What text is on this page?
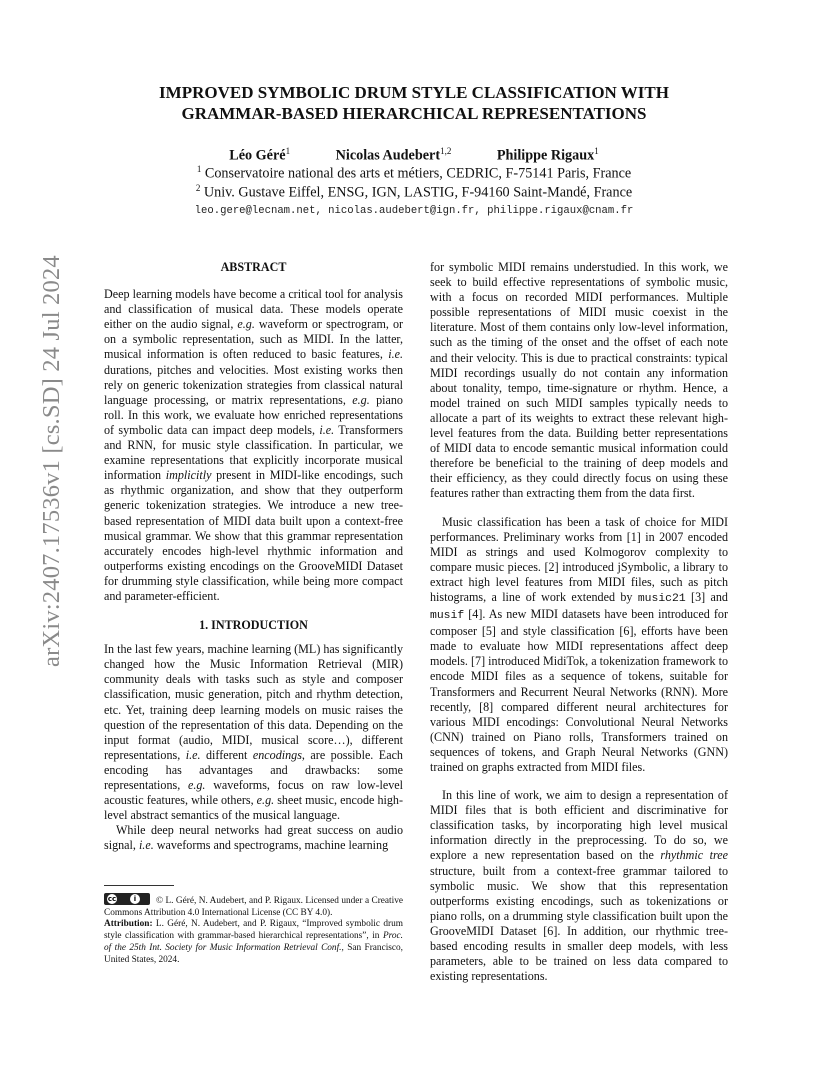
arXiv:2407.17536v1 [cs.SD] 24 Jul 2024
IMPROVED SYMBOLIC DRUM STYLE CLASSIFICATION WITH
GRAMMAR-BASED HIERARCHICAL REPRESENTATIONS
Léo Géré$^1$	Nicolas Audebert$^{1,2}$	Philippe Rigaux$^1$
$^1$ Conservatoire national des arts et métiers, CEDRIC, F-75141 Paris, France
$^2$ Univ. Gustave Eiffel, ENSG, IGN, LASTIG, F-94160 Saint-Mandé, France
leo.gere@lecnam.net, nicolas.audebert@ign.fr, philippe.rigaux@cnam.fr

ABSTRACT

Deep learning models have become a critical tool for analysis and classification of musical data. These models operate either on the audio signal, e.g. waveform or spectrogram, or on a symbolic representation, such as MIDI. In the latter, musical information is often reduced to basic features, i.e. durations, pitches and velocities. Most existing works then rely on generic tokenization strategies from classical natural language processing, or matrix representations, e.g. piano roll. In this work, we evaluate how enriched representations of symbolic data can impact deep models, i.e. Transformers and RNN, for music style classification. In particular, we examine representations that explicitly incorporate musical information implicitly present in MIDI-like encodings, such as rhythmic organization, and show that they outperform generic tokenization strategies. We introduce a new tree-based representation of MIDI data built upon a context-free musical grammar. We show that this grammar representation accurately encodes high-level rhythmic information and outperforms existing encodings on the GrooveMIDI Dataset for drumming style classification, while being more compact and parameter-efficient.

1. INTRODUCTION

In the last few years, machine learning (ML) has significantly changed how the Music Information Retrieval (MIR) community deals with tasks such as style and composer classification, music generation, pitch and rhythm detection, etc. Yet, training deep learning models on music raises the question of the representation of this data. Depending on the input format (audio, MIDI, musical score…), different representations, i.e. different encodings, are possible. Each encoding has advantages and drawbacks: some representations, e.g. waveforms, focus on raw low-level acoustic features, while others, e.g. sheet music, encode high-level abstract semantics of the musical language.

While deep neural networks had great success on audio signal, i.e. waveforms and spectrograms, machine learning

cc	i	© L. Géré, N. Audebert, and P. Rigaux. Licensed under a Creative Commons Attribution 4.0 International License (CC BY 4.0).
Attribution: L. Géré, N. Audebert, and P. Rigaux, “Improved symbolic drum style classification with grammar-based hierarchical representations”, in Proc. of the 25th Int. Society for Music Information Retrieval Conf., San Francisco, United States, 2024.

for symbolic MIDI remains understudied. In this work, we seek to build effective representations of symbolic music, with a focus on recorded MIDI performances. Multiple possible representations of MIDI music coexist in the literature. Most of them contains only low-level information, such as the timing of the onset and the offset of each note and their velocity. This is due to practical constraints: typical MIDI recordings usually do not contain any information about tonality, tempo, time-signature or rhythm. Hence, a model trained on such MIDI samples typically needs to allocate a part of its weights to extract these relevant high-level features from the data. Building better representations of MIDI data to encode semantic musical information could therefore be beneficial to the training of deep models and their efficiency, as they could directly focus on using these features rather than extracting them from the data first.

Music classification has been a task of choice for MIDI performances. Preliminary works from [1] in 2007 encoded MIDI as strings and used Kolmogorov complexity to compare music pieces. [2] introduced jSymbolic, a library to extract high level features from MIDI files, such as pitch histograms, a line of work extended by music21 [3] and musif [4]. As new MIDI datasets have been introduced for composer [5] and style classification [6], efforts have been made to evaluate how MIDI representations affect deep models. [7] introduced MidiTok, a tokenization framework to encode MIDI files as a sequence of tokens, suitable for Transformers and Recurrent Neural Networks (RNN). More recently, [8] compared different neural architectures for various MIDI encodings: Convolutional Neural Networks (CNN) trained on Piano rolls, Transformers trained on sequences of tokens, and Graph Neural Networks (GNN) trained on graphs extracted from MIDI files.

In this line of work, we aim to design a representation of MIDI files that is both efficient and discriminative for classification tasks, by incorporating high level musical information directly in the preprocessing. To do so, we explore a new representation based on the rhythmic tree structure, built from a context-free grammar tailored to symbolic music. We show that this representation outperforms existing encodings, such as tokenizations or piano rolls, on a drumming style classification built upon the GrooveMIDI Dataset [6]. In addition, our rhythmic tree-based encoding results in smaller deep models, with less parameters, able to be trained on less data compared to existing representations.
